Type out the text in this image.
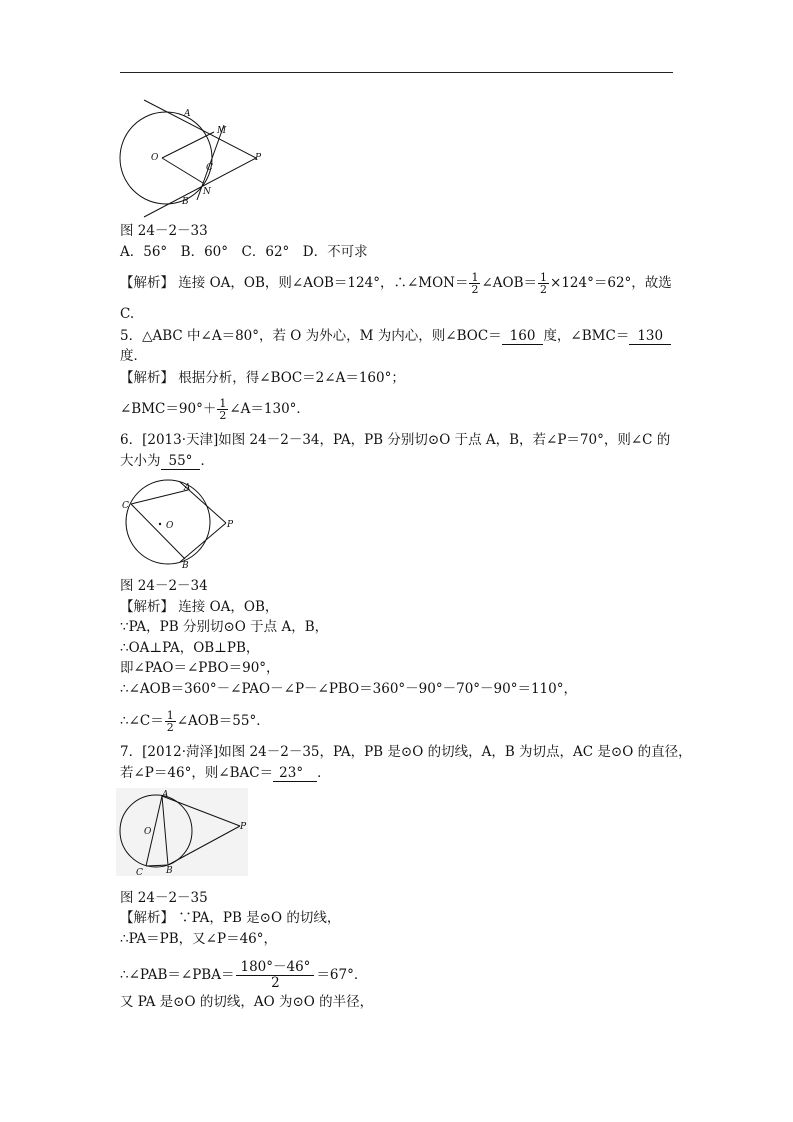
A
M
O
C
P
N
B
图 24－2－33
A．56°　B．60°　C．62°　D．不可求
【解析】 连接 OA，OB，则∠AOB＝124°，∴∠MON＝ $\frac{1}{2}$ ∠AOB＝ $\frac{1}{2} \times 124^\circ=62^\circ$，故选
C.
5．△ABC 中∠A＝80°，若 O 为外心，M 为内心，则∠BOC＝ 160 度，∠BMC＝ 130
度．
【解析】 根据分析，得∠BOC＝2∠A＝160°；
∠BMC＝90°＋ $\frac{1}{2}$ ∠A＝130°．
6．[2013·天津]如图 24－2－34，PA，PB 分别切⊙O 于点 A，B，若∠P＝70°，则∠C 的
大小为 55° ．
A
C
O	P
B
图 24－2－34
【解析】 连接 OA，OB，
∵PA，PB 分别切⊙O 于点 A，B，
∴OA⊥PA，OB⊥PB，
即∠PAO＝∠PBO＝90°，
∴∠AOB＝360°－∠PAO－∠P－∠PBO＝360°－90°－70°－90°＝110°，
∴∠C＝ $\frac{1}{2}$ ∠AOB＝55°．
7．[2012·菏泽]如图 24－2－35，PA，PB 是⊙O 的切线，A，B 为切点，AC 是⊙O 的直径，
若∠P＝46°，则∠BAC＝ 23° ．
A
O	P
C	B
图 24－2－35
【解析】 ∵PA，PB 是⊙O 的切线，
∴PA＝PB，又∠P＝46°，
∴∠PAB＝∠PBA＝ $\frac{180^\circ-46^\circ}{2} =67^\circ$．
又 PA 是⊙O 的切线，AO 为⊙O 的半径，
